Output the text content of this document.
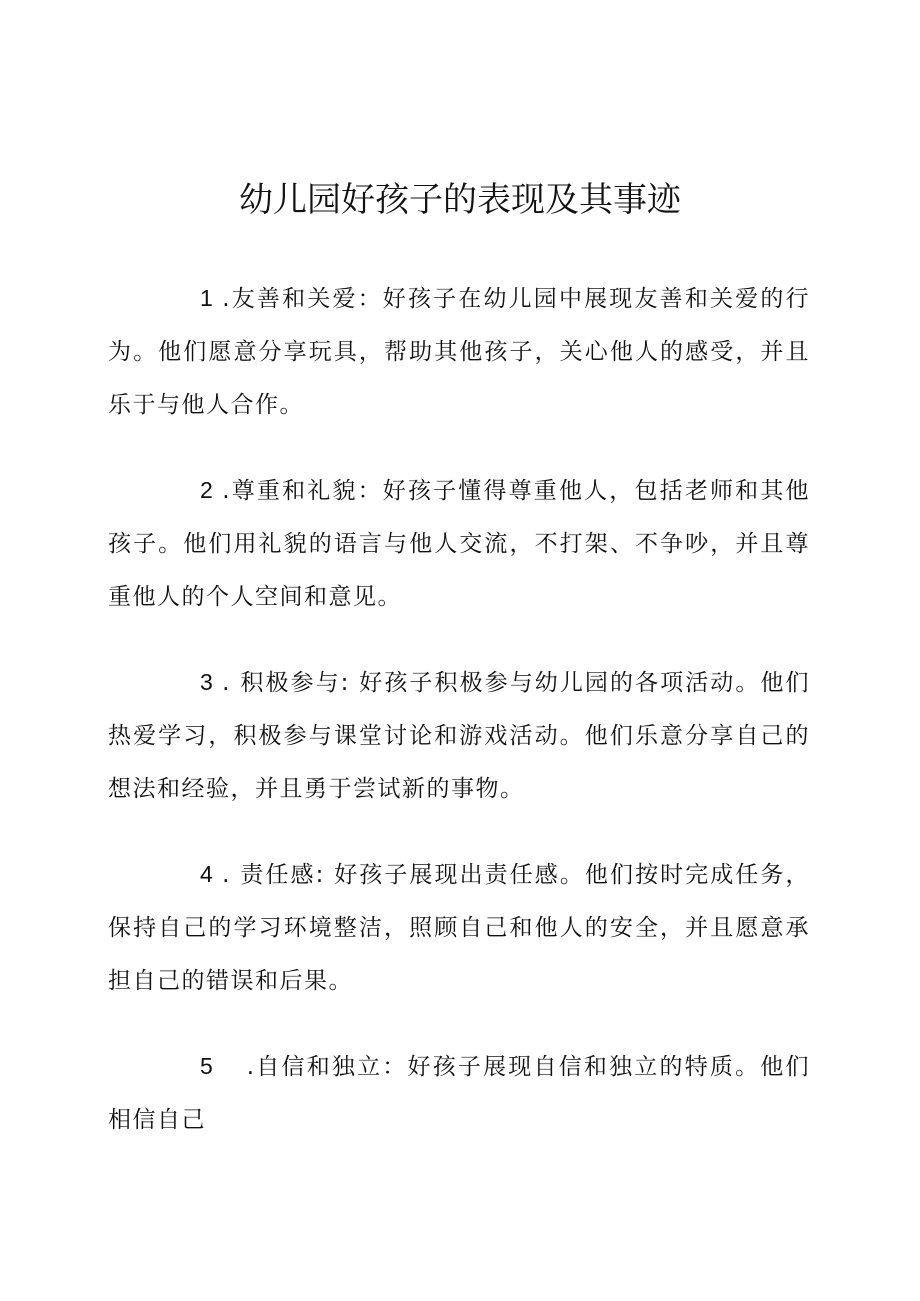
幼儿园好孩子的表现及其事迹

1 .友善和关爱：好孩子在幼儿园中展现友善和关爱的行为。他们愿意分享玩具，帮助其他孩子，关心他人的感受，并且乐于与他人合作。

2 .尊重和礼貌：好孩子懂得尊重他人，包括老师和其他孩子。他们用礼貌的语言与他人交流，不打架、不争吵，并且尊重他人的个人空间和意见。

3 . 积极参与: 好孩子积极参与幼儿园的各项活动。他们热爱学习，积极参与课堂讨论和游戏活动。他们乐意分享自己的想法和经验，并且勇于尝试新的事物。

4 . 责任感: 好孩子展现出责任感。他们按时完成任务，保持自己的学习环境整洁，照顾自己和他人的安全，并且愿意承担自己的错误和后果。

5 .自信和独立：好孩子展现自信和独立的特质。他们相信自己
